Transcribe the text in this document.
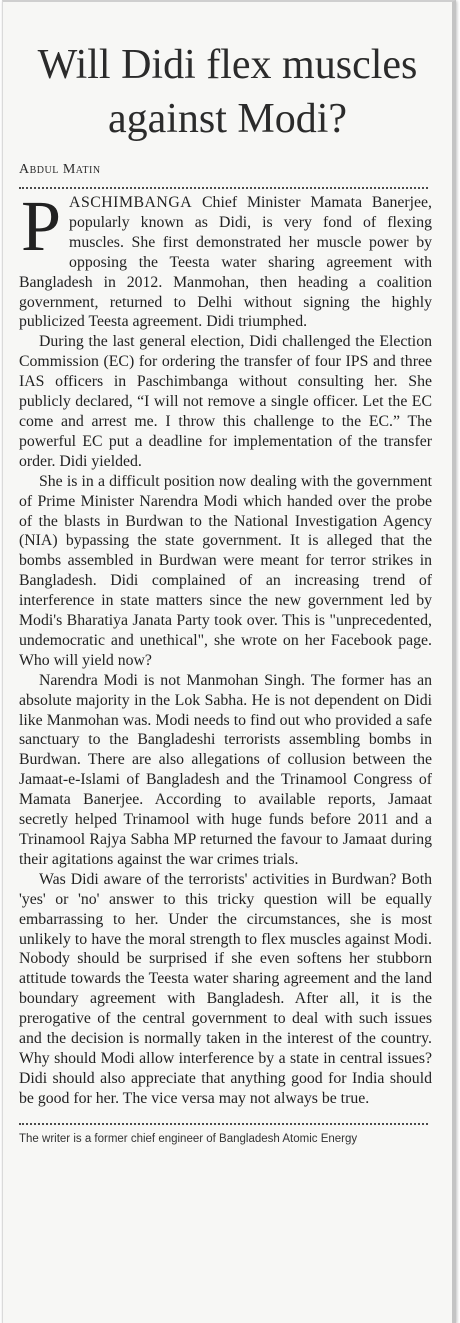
Will Didi flex muscles against Modi?
Abdul Matin

PASCHIMBANGA Chief Minister Mamata Banerjee, popularly known as Didi, is very fond of flexing muscles. She first demonstrated her muscle power by opposing the Teesta water sharing agreement with Bangladesh in 2012. Manmohan, then heading a coalition government, returned to Delhi without signing the highly publicized Teesta agreement. Didi triumphed.

During the last general election, Didi challenged the Election Commission (EC) for ordering the transfer of four IPS and three IAS officers in Paschimbanga without consulting her. She publicly declared, “I will not remove a single officer. Let the EC come and arrest me. I throw this challenge to the EC.” The powerful EC put a deadline for implementation of the transfer order. Didi yielded.

She is in a difficult position now dealing with the government of Prime Minister Narendra Modi which handed over the probe of the blasts in Burdwan to the National Investigation Agency (NIA) bypassing the state government. It is alleged that the bombs assembled in Burdwan were meant for terror strikes in Bangladesh. Didi complained of an increasing trend of interference in state matters since the new government led by Modi's Bharatiya Janata Party took over. This is "unprecedented, undemocratic and unethical", she wrote on her Facebook page. Who will yield now?

Narendra Modi is not Manmohan Singh. The former has an absolute majority in the Lok Sabha. He is not dependent on Didi like Manmohan was. Modi needs to find out who provided a safe sanctuary to the Bangladeshi terrorists assembling bombs in Burdwan. There are also allegations of collusion between the Jamaat-e-Islami of Bangladesh and the Trinamool Congress of Mamata Banerjee. According to available reports, Jamaat secretly helped Trinamool with huge funds before 2011 and a Trinamool Rajya Sabha MP returned the favour to Jamaat during their agitations against the war crimes trials.

Was Didi aware of the terrorists' activities in Burdwan? Both 'yes' or 'no' answer to this tricky question will be equally embarrassing to her. Under the circumstances, she is most unlikely to have the moral strength to flex muscles against Modi. Nobody should be surprised if she even softens her stubborn attitude towards the Teesta water sharing agreement and the land boundary agreement with Bangladesh. After all, it is the prerogative of the central government to deal with such issues and the decision is normally taken in the interest of the country. Why should Modi allow interference by a state in central issues? Didi should also appreciate that anything good for India should be good for her. The vice versa may not always be true.

The writer is a former chief engineer of Bangladesh Atomic Energy
